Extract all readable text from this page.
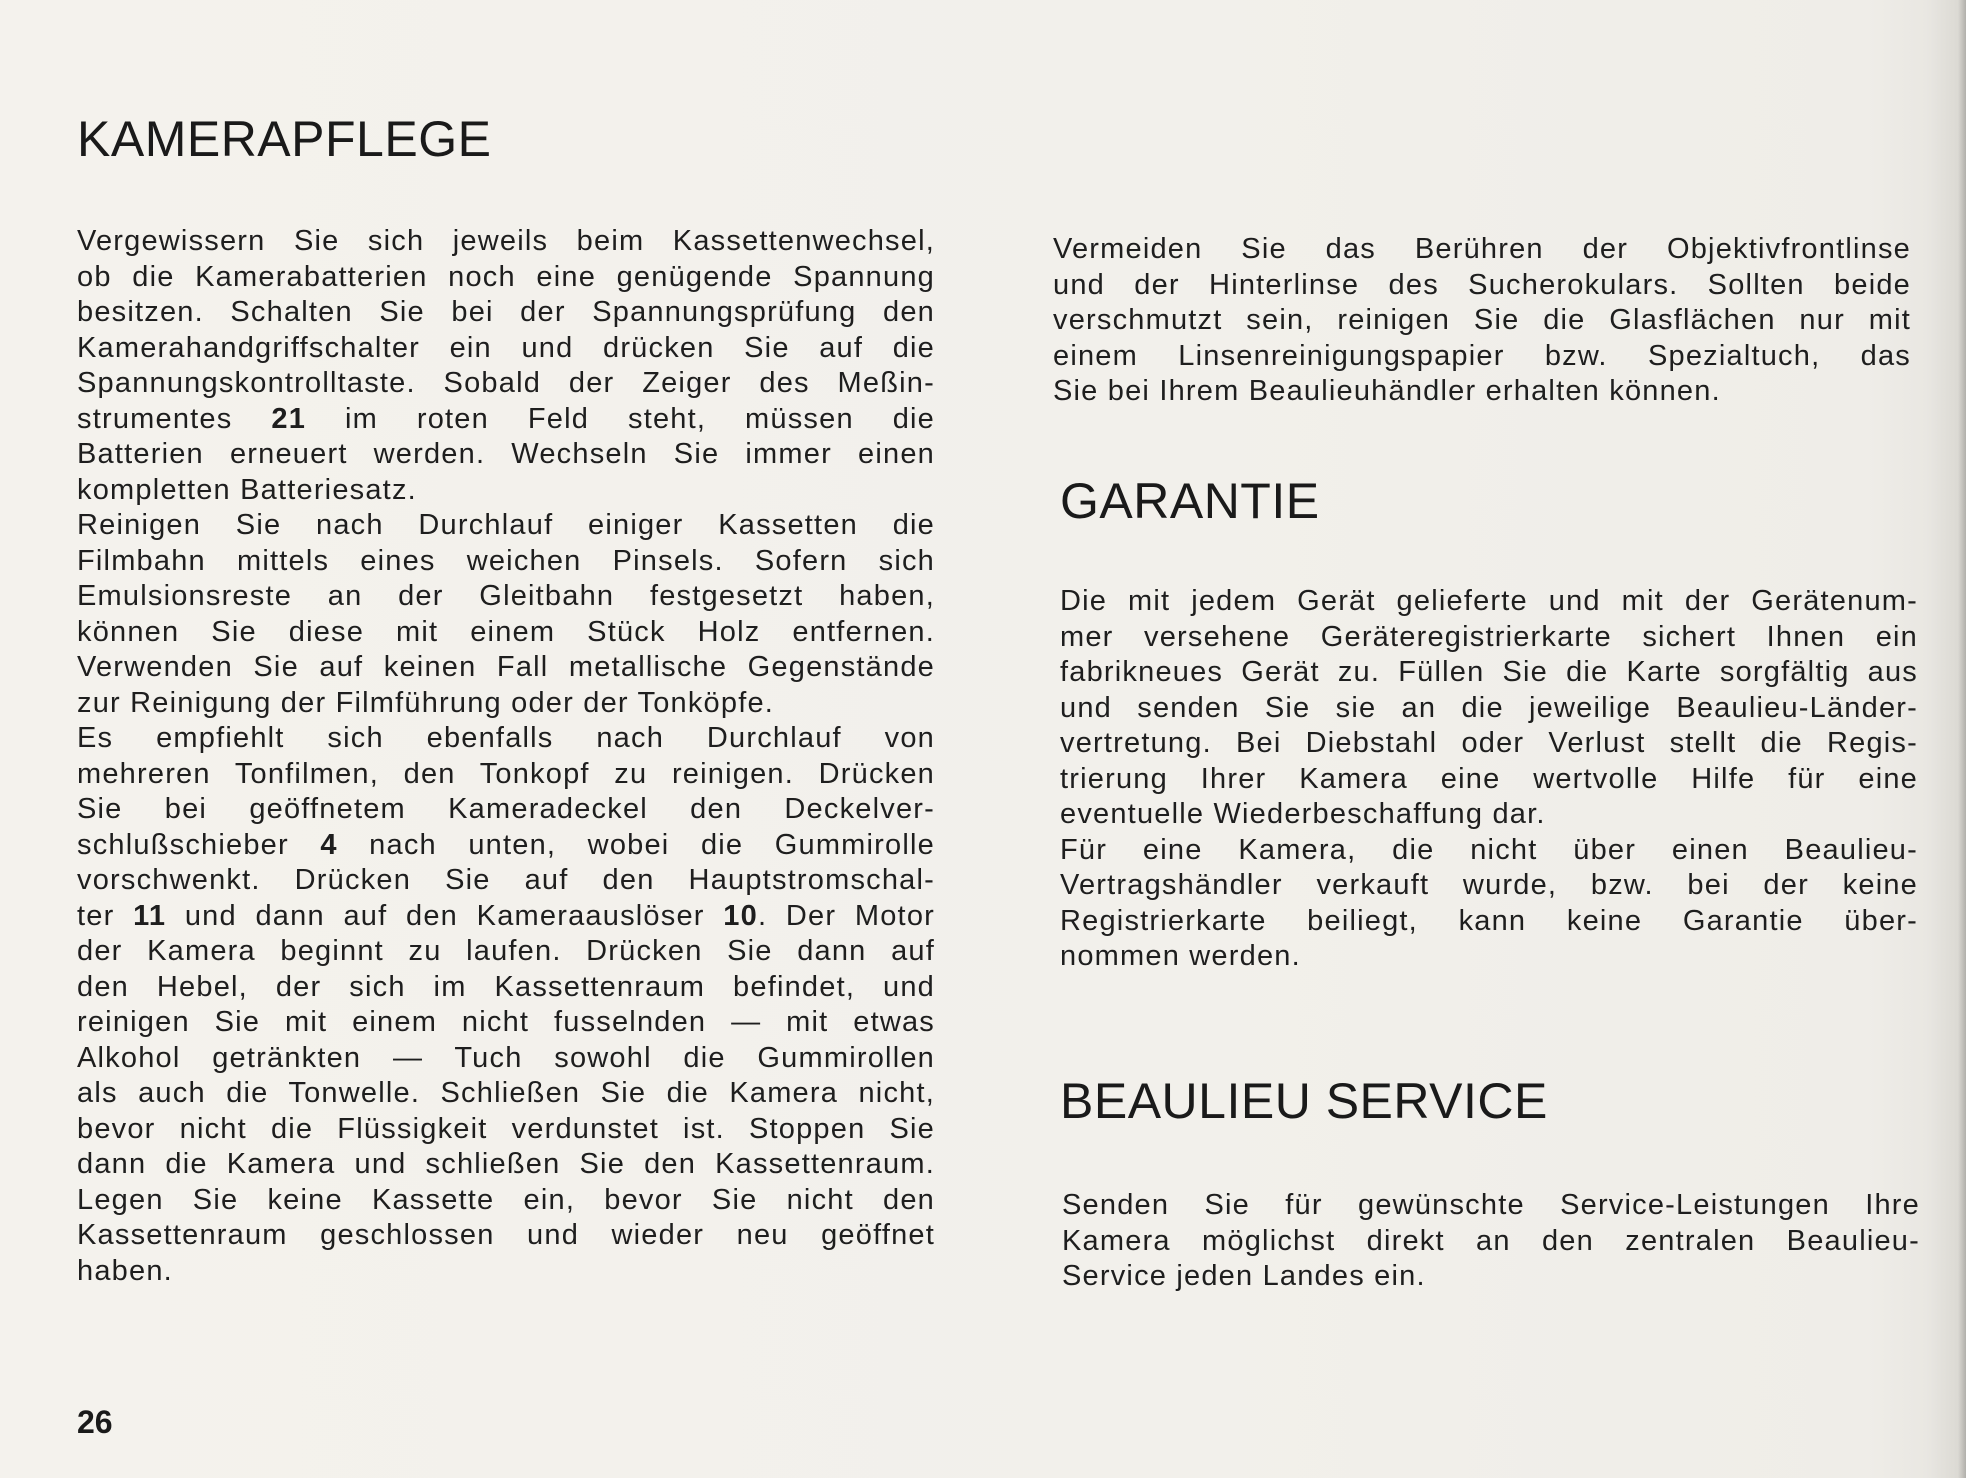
KAMERAPFLEGE
Vergewissern Sie sich jeweils beim Kassettenwechsel,
ob die Kamerabatterien noch eine genügende Spannung
besitzen. Schalten Sie bei der Spannungsprüfung den
Kamerahandgriffschalter ein und drücken Sie auf die
Spannungskontrolltaste. Sobald der Zeiger des Meßin-
strumentes 21 im roten Feld steht, müssen die
Batterien erneuert werden. Wechseln Sie immer einen
kompletten Batteriesatz.
Reinigen Sie nach Durchlauf einiger Kassetten die
Filmbahn mittels eines weichen Pinsels. Sofern sich
Emulsionsreste an der Gleitbahn festgesetzt haben,
können Sie diese mit einem Stück Holz entfernen.
Verwenden Sie auf keinen Fall metallische Gegenstände
zur Reinigung der Filmführung oder der Tonköpfe.
Es empfiehlt sich ebenfalls nach Durchlauf von
mehreren Tonfilmen, den Tonkopf zu reinigen. Drücken
Sie bei geöffnetem Kameradeckel den Deckelver-
schlußschieber 4 nach unten, wobei die Gummirolle
vorschwenkt. Drücken Sie auf den Hauptstromschal-
ter 11 und dann auf den Kameraauslöser 10. Der Motor
der Kamera beginnt zu laufen. Drücken Sie dann auf
den Hebel, der sich im Kassettenraum befindet, und
reinigen Sie mit einem nicht fusselnden — mit etwas
Alkohol getränkten — Tuch sowohl die Gummirollen
als auch die Tonwelle. Schließen Sie die Kamera nicht,
bevor nicht die Flüssigkeit verdunstet ist. Stoppen Sie
dann die Kamera und schließen Sie den Kassettenraum.
Legen Sie keine Kassette ein, bevor Sie nicht den
Kassettenraum geschlossen und wieder neu geöffnet
haben.
Vermeiden Sie das Berühren der Objektivfrontlinse
und der Hinterlinse des Sucherokulars. Sollten beide
verschmutzt sein, reinigen Sie die Glasflächen nur mit
einem Linsenreinigungspapier bzw. Spezialtuch, das
Sie bei Ihrem Beaulieuhändler erhalten können.
GARANTIE
Die mit jedem Gerät gelieferte und mit der Gerätenum-
mer versehene Geräteregistrierkarte sichert Ihnen ein
fabrikneues Gerät zu. Füllen Sie die Karte sorgfältig aus
und senden Sie sie an die jeweilige Beaulieu-Länder-
vertretung. Bei Diebstahl oder Verlust stellt die Regis-
trierung Ihrer Kamera eine wertvolle Hilfe für eine
eventuelle Wiederbeschaffung dar.
Für eine Kamera, die nicht über einen Beaulieu-
Vertragshändler verkauft wurde, bzw. bei der keine
Registrierkarte beiliegt, kann keine Garantie über-
nommen werden.
BEAULIEU SERVICE
Senden Sie für gewünschte Service-Leistungen Ihre
Kamera möglichst direkt an den zentralen Beaulieu-
Service jeden Landes ein.
26
